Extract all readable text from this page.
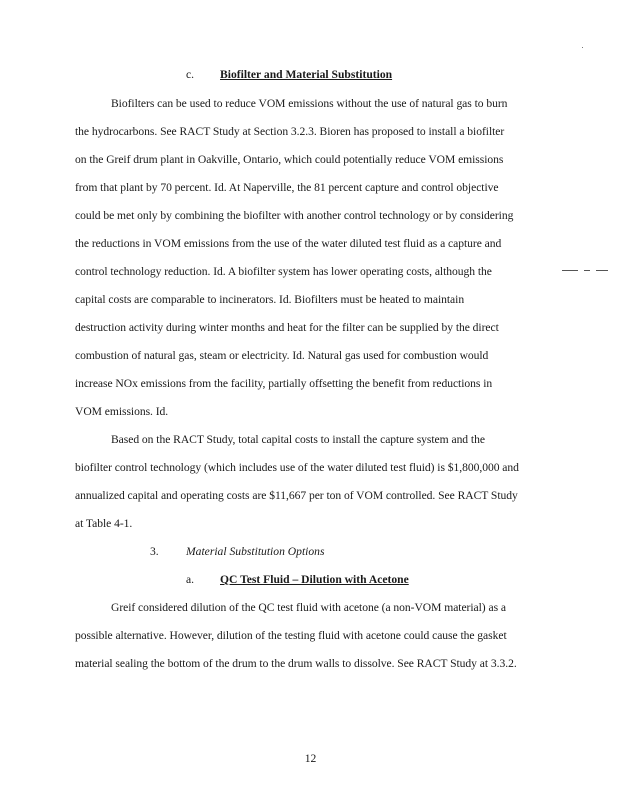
c. Biofilter and Material Substitution
Biofilters can be used to reduce VOM emissions without the use of natural gas to burn
the hydrocarbons. See RACT Study at Section 3.2.3. Bioren has proposed to install a biofilter
on the Greif drum plant in Oakville, Ontario, which could potentially reduce VOM emissions
from that plant by 70 percent. Id. At Naperville, the 81 percent capture and control objective
could be met only by combining the biofilter with another control technology or by considering
the reductions in VOM emissions from the use of the water diluted test fluid as a capture and
control technology reduction. Id. A biofilter system has lower operating costs, although the
capital costs are comparable to incinerators. Id. Biofilters must be heated to maintain
destruction activity during winter months and heat for the filter can be supplied by the direct
combustion of natural gas, steam or electricity. Id. Natural gas used for combustion would
increase NOx emissions from the facility, partially offsetting the benefit from reductions in
VOM emissions. Id.
Based on the RACT Study, total capital costs to install the capture system and the
biofilter control technology (which includes use of the water diluted test fluid) is $1,800,000 and
annualized capital and operating costs are $11,667 per ton of VOM controlled. See RACT Study
at Table 4-1.
3. Material Substitution Options
a. QC Test Fluid – Dilution with Acetone
Greif considered dilution of the QC test fluid with acetone (a non-VOM material) as a
possible alternative. However, dilution of the testing fluid with acetone could cause the gasket
material sealing the bottom of the drum to the drum walls to dissolve. See RACT Study at 3.3.2.
12
